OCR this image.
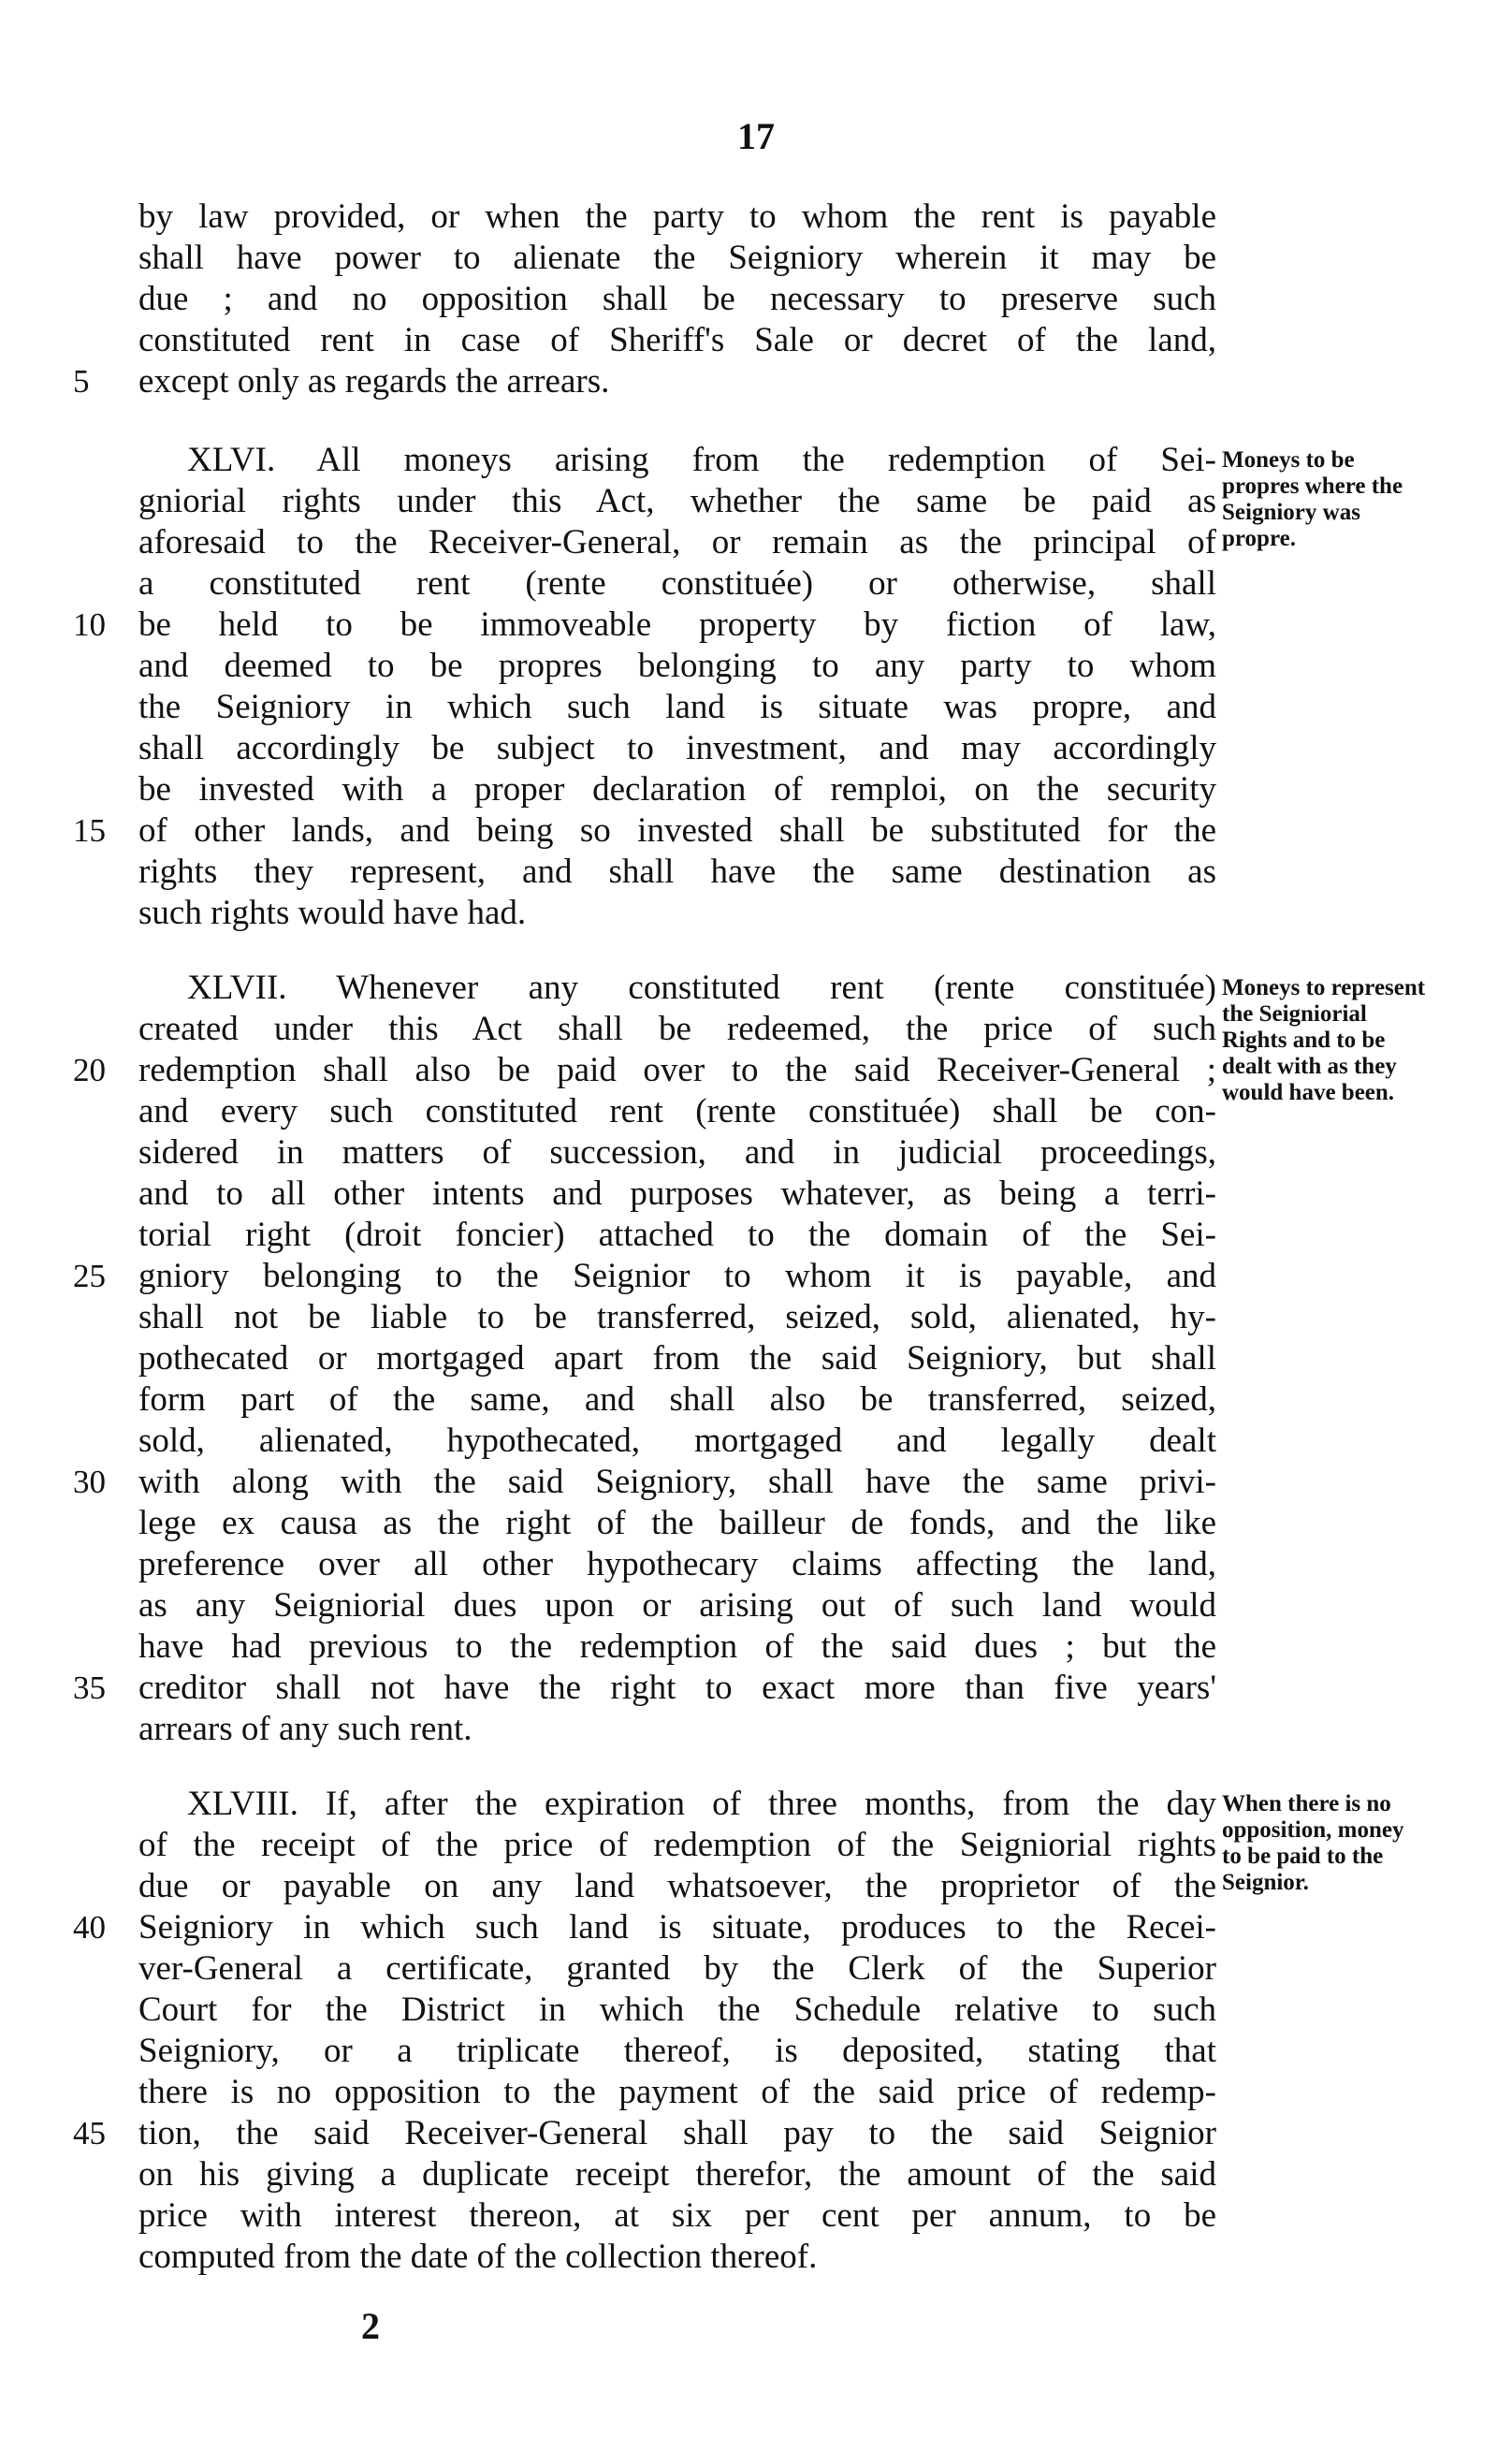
17
by law provided, or when the party to whom the rent is payable
shall have power to alienate the Seigniory wherein it may be
due ; and no opposition shall be necessary to preserve such
constituted rent in case of Sheriff's Sale or decret of the land,
5	except only as regards the arrears.
XLVI. All moneys arising from the redemption of Sei-
gniorial rights under this Act, whether the same be paid as
aforesaid to the Receiver-General, or remain as the principal of
a constituted rent (rente constituée) or otherwise, shall
10 be held to be immoveable property by fiction of law,
and deemed to be propres belonging to any party to whom
the Seigniory in which such land is situate was propre, and
shall accordingly be subject to investment, and may accordingly
be invested with a proper declaration of remploi, on the security
15 of other lands, and being so invested shall be substituted for the
rights they represent, and shall have the same destination as
such rights would have had.
Moneys to be propres where the Seigniory was propre.
XLVII. Whenever any constituted rent (rente constituée)
created under this Act shall be redeemed, the price of such
20 redemption shall also be paid over to the said Receiver-General ;
and every such constituted rent (rente constituée) shall be con-
sidered in matters of succession, and in judicial proceedings,
and to all other intents and purposes whatever, as being a terri-
torial right (droit foncier) attached to the domain of the Sei-
25 gniory belonging to the Seignior to whom it is payable, and
shall not be liable to be transferred, seized, sold, alienated, hy-
pothecated or mortgaged apart from the said Seigniory, but shall
form part of the same, and shall also be transferred, seized,
sold, alienated, hypothecated, mortgaged and legally dealt
30 with along with the said Seigniory, shall have the same privi-
lege ex causa as the right of the bailleur de fonds, and the like
preference over all other hypothecary claims affecting the land,
as any Seigniorial dues upon or arising out of such land would
have had previous to the redemption of the said dues ; but the
35 creditor shall not have the right to exact more than five years'
arrears of any such rent.
Moneys to represent the Seigniorial Rights and to be dealt with as they would have been.
XLVIII. If, after the expiration of three months, from the day
of the receipt of the price of redemption of the Seigniorial rights
due or payable on any land whatsoever, the proprietor of the
40 Seigniory in which such land is situate, produces to the Recei-
ver-General a certificate, granted by the Clerk of the Superior
Court for the District in which the Schedule relative to such
Seigniory, or a triplicate thereof, is deposited, stating that
there is no opposition to the payment of the said price of redemp-
45 tion, the said Receiver-General shall pay to the said Seignior
on his giving a duplicate receipt therefor, the amount of the said
price with interest thereon, at six per cent per annum, to be
computed from the date of the collection thereof.
When there is no opposition, money to be paid to the Seignior.
2
